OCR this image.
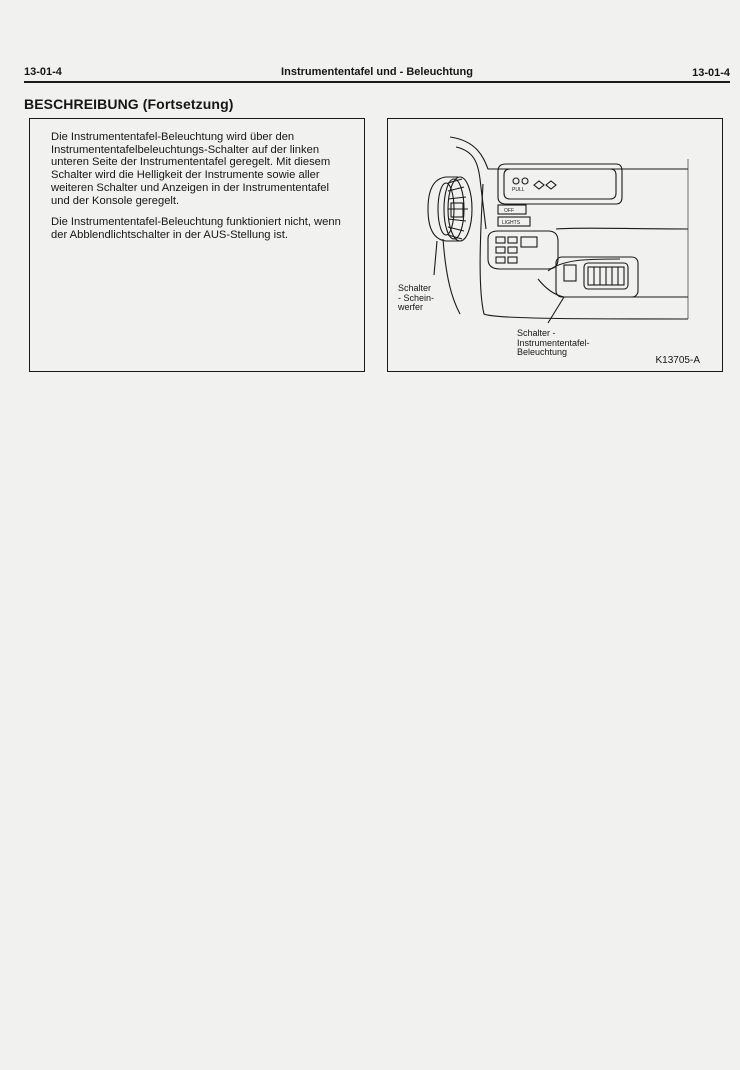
13-01-4	Instrumententafel und - Beleuchtung	13-01-4
BESCHREIBUNG (Fortsetzung)

Die Instrumententafel-Beleuchtung wird über den Instrumententafelbeleuchtungs-Schalter auf der linken unteren Seite der Instrumententafel geregelt. Mit diesem Schalter wird die Helligkeit der Instrumente sowie aller weiteren Schalter und Anzeigen in der Instrumententafel und der Konsole geregelt.

Die Instrumententafel-Beleuchtung funktioniert nicht, wenn der Abblendlichtschalter in der AUS-Stellung ist.

PULL
OFF
LIGHTS
Schalter
- Schein-
werfer
Schalter -
Instrumententafel-
Beleuchtung
K13705-A
